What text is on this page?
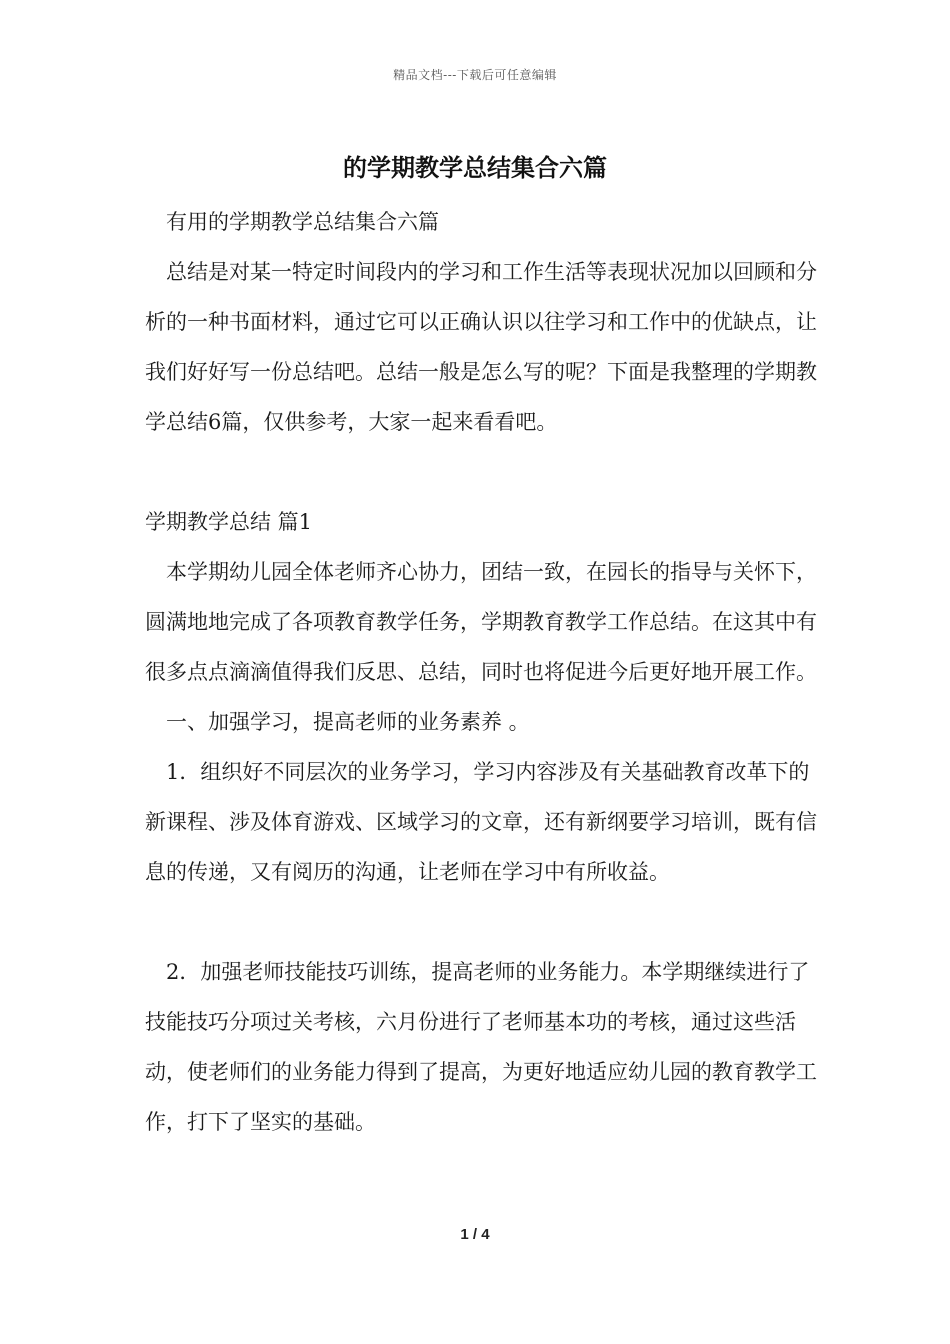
精品文档---下载后可任意编辑
的学期教学总结集合六篇

有用的学期教学总结集合六篇

总结是对某一特定时间段内的学习和工作生活等表现状况加以回顾和分析的一种书面材料，通过它可以正确认识以往学习和工作中的优缺点，让我们好好写一份总结吧。总结一般是怎么写的呢？下面是我整理的学期教学总结6篇，仅供参考，大家一起来看看吧。

学期教学总结 篇1

本学期幼儿园全体老师齐心协力，团结一致，在园长的指导与关怀下，圆满地地完成了各项教育教学任务，学期教育教学工作总结。在这其中有很多点点滴滴值得我们反思、总结，同时也将促进今后更好地开展工作。

一、加强学习，提高老师的业务素养 。

1．组织好不同层次的业务学习，学习内容涉及有关基础教育改革下的新课程、涉及体育游戏、区域学习的文章，还有新纲要学习培训，既有信息的传递，又有阅历的沟通，让老师在学习中有所收益。

2．加强老师技能技巧训练，提高老师的业务能力。本学期继续进行了技能技巧分项过关考核，六月份进行了老师基本功的考核，通过这些活动，使老师们的业务能力得到了提高，为更好地适应幼儿园的教育教学工作，打下了坚实的基础。

1 / 4
